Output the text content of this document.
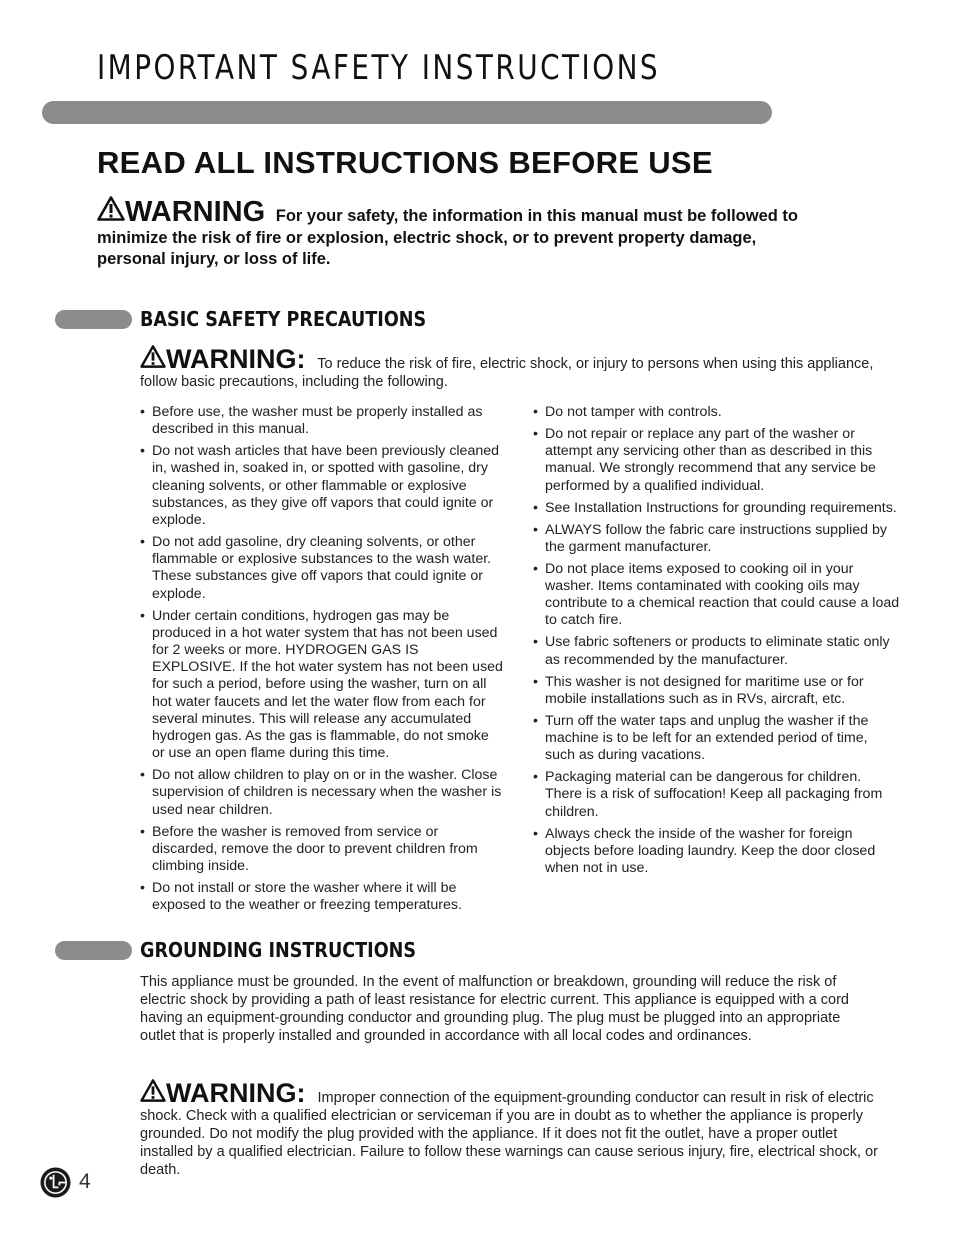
IMPORTANT SAFETY INSTRUCTIONS
READ ALL INSTRUCTIONS BEFORE USE
WARNING For your safety, the information in this manual must be followed to minimize the risk of fire or explosion, electric shock, or to prevent property damage, personal injury, or loss of life.
BASIC SAFETY PRECAUTIONS
WARNING: To reduce the risk of fire, electric shock, or injury to persons when using this appliance, follow basic precautions, including the following.
• Before use, the washer must be properly installed as described in this manual.
• Do not wash articles that have been previously cleaned in, washed in, soaked in, or spotted with gasoline, dry cleaning solvents, or other flammable or explosive substances, as they give off vapors that could ignite or explode.
• Do not add gasoline, dry cleaning solvents, or other flammable or explosive substances to the wash water. These substances give off vapors that could ignite or explode.
• Under certain conditions, hydrogen gas may be produced in a hot water system that has not been used for 2 weeks or more. HYDROGEN GAS IS EXPLOSIVE. If the hot water system has not been used for such a period, before using the washer, turn on all hot water faucets and let the water flow from each for several minutes. This will release any accumulated hydrogen gas. As the gas is flammable, do not smoke or use an open flame during this time.
• Do not allow children to play on or in the washer. Close supervision of children is necessary when the washer is used near children.
• Before the washer is removed from service or discarded, remove the door to prevent children from climbing inside.
• Do not install or store the washer where it will be exposed to the weather or freezing temperatures.
• Do not tamper with controls.
• Do not repair or replace any part of the washer or attempt any servicing other than as described in this manual. We strongly recommend that any service be performed by a qualified individual.
• See Installation Instructions for grounding requirements.
• ALWAYS follow the fabric care instructions supplied by the garment manufacturer.
• Do not place items exposed to cooking oil in your washer. Items contaminated with cooking oils may contribute to a chemical reaction that could cause a load to catch fire.
• Use fabric softeners or products to eliminate static only as recommended by the manufacturer.
• This washer is not designed for maritime use or for mobile installations such as in RVs, aircraft, etc.
• Turn off the water taps and unplug the washer if the machine is to be left for an extended period of time, such as during vacations.
• Packaging material can be dangerous for children. There is a risk of suffocation! Keep all packaging from children.
• Always check the inside of the washer for foreign objects before loading laundry. Keep the door closed when not in use.
GROUNDING INSTRUCTIONS
This appliance must be grounded. In the event of malfunction or breakdown, grounding will reduce the risk of electric shock by providing a path of least resistance for electric current. This appliance is equipped with a cord having an equipment-grounding conductor and grounding plug. The plug must be plugged into an appropriate outlet that is properly installed and grounded in accordance with all local codes and ordinances.
WARNING: Improper connection of the equipment-grounding conductor can result in risk of electric shock. Check with a qualified electrician or serviceman if you are in doubt as to whether the appliance is properly grounded. Do not modify the plug provided with the appliance. If it does not fit the outlet, have a proper outlet installed by a qualified electrician. Failure to follow these warnings can cause serious injury, fire, electrical shock, or death.
4
